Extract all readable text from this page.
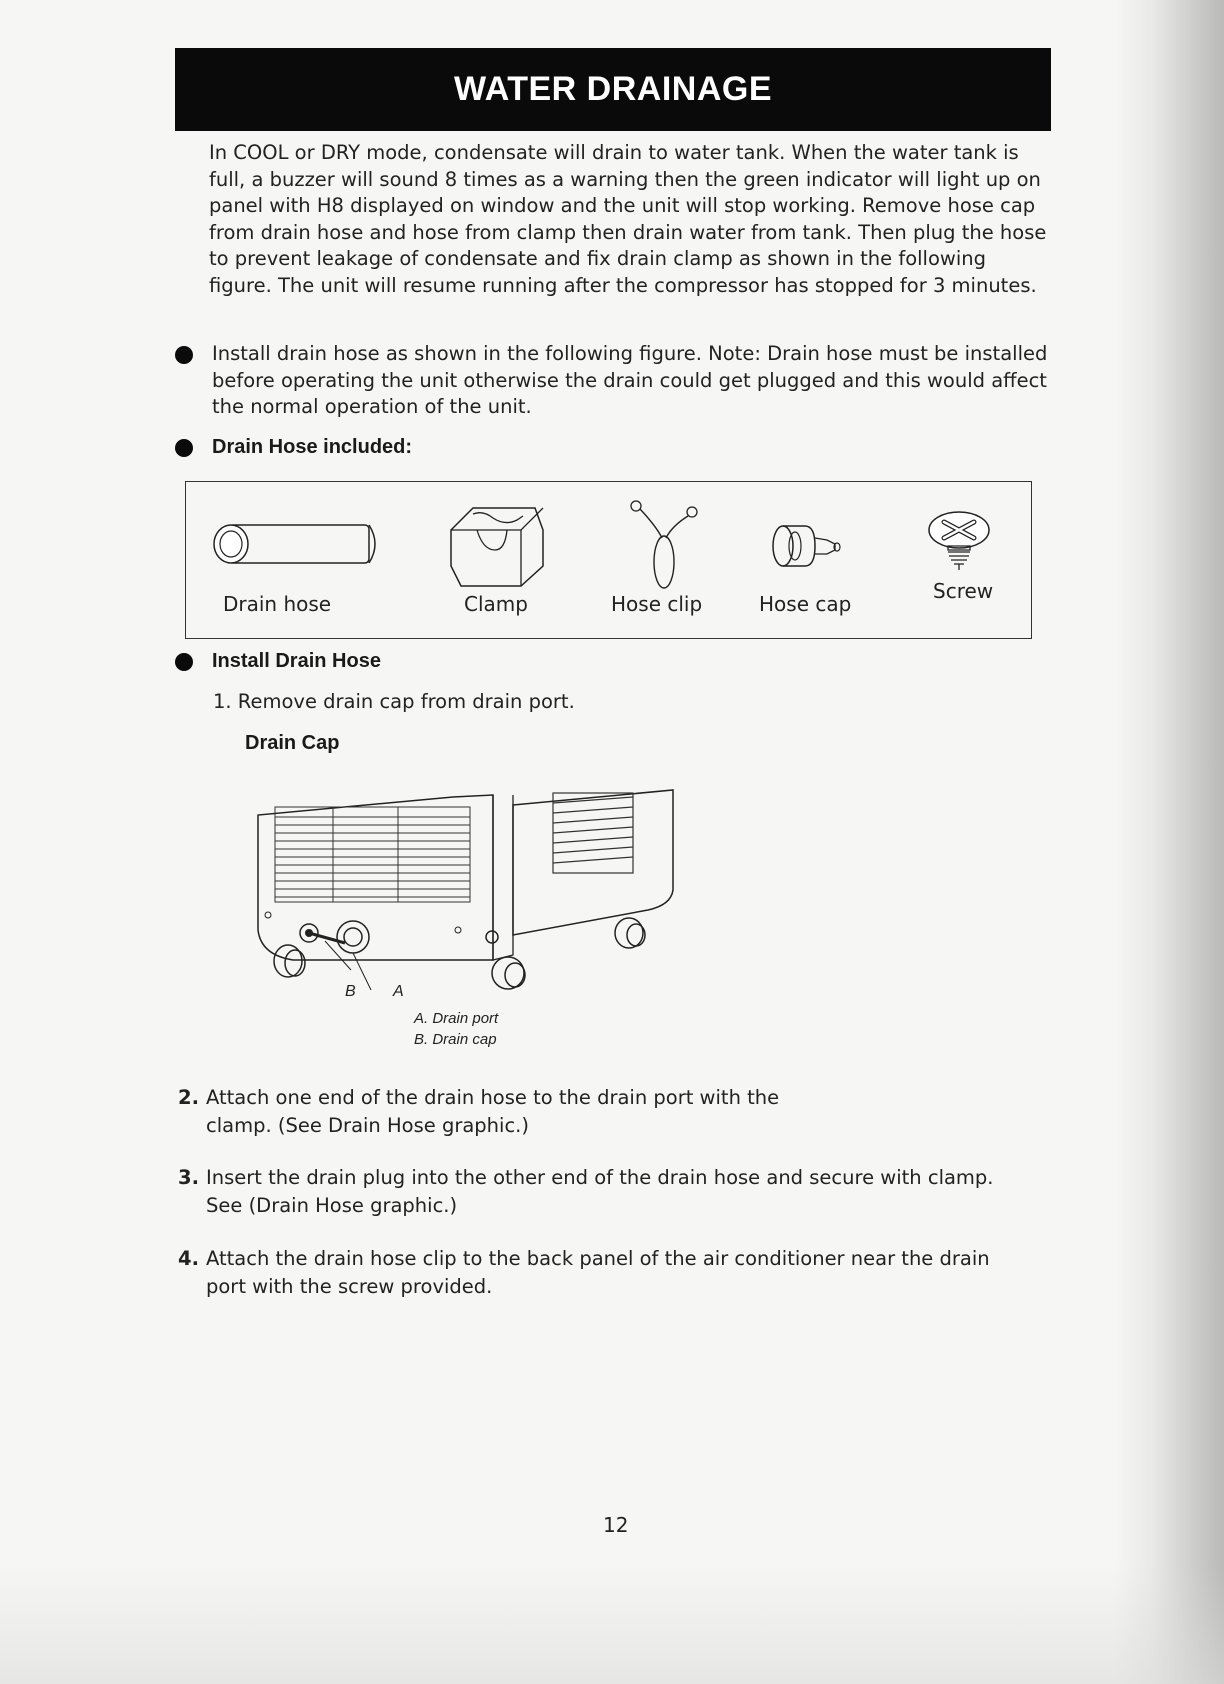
WATER DRAINAGE

In COOL or DRY mode, condensate will drain to water tank. When the water tank is full, a buzzer will sound 8 times as a warning then the green indicator will light up on panel with H8 displayed on window and the unit will stop working. Remove hose cap from drain hose and hose from clamp then drain water from tank. Then plug the hose to prevent leakage of condensate and fix drain clamp as shown in the following figure. The unit will resume running after the compressor has stopped for 3 minutes.

Install drain hose as shown in the following figure. Note: Drain hose must be installed before operating the unit otherwise the drain could get plugged and this would affect the normal operation of the unit.
Drain Hose included:
Drain hose	Clamp	Hose clip	Hose cap
Screw
Install Drain Hose
1. Remove drain cap from drain port.
Drain Cap
B A
A. Drain port
B. Drain cap
2. Attach one end of the drain hose to the drain port with the clamp. (See Drain Hose graphic.)
3. Insert the drain plug into the other end of the drain hose and secure with clamp. See (Drain Hose graphic.)
4. Attach the drain hose clip to the back panel of the air conditioner near the drain port with the screw provided.
12
